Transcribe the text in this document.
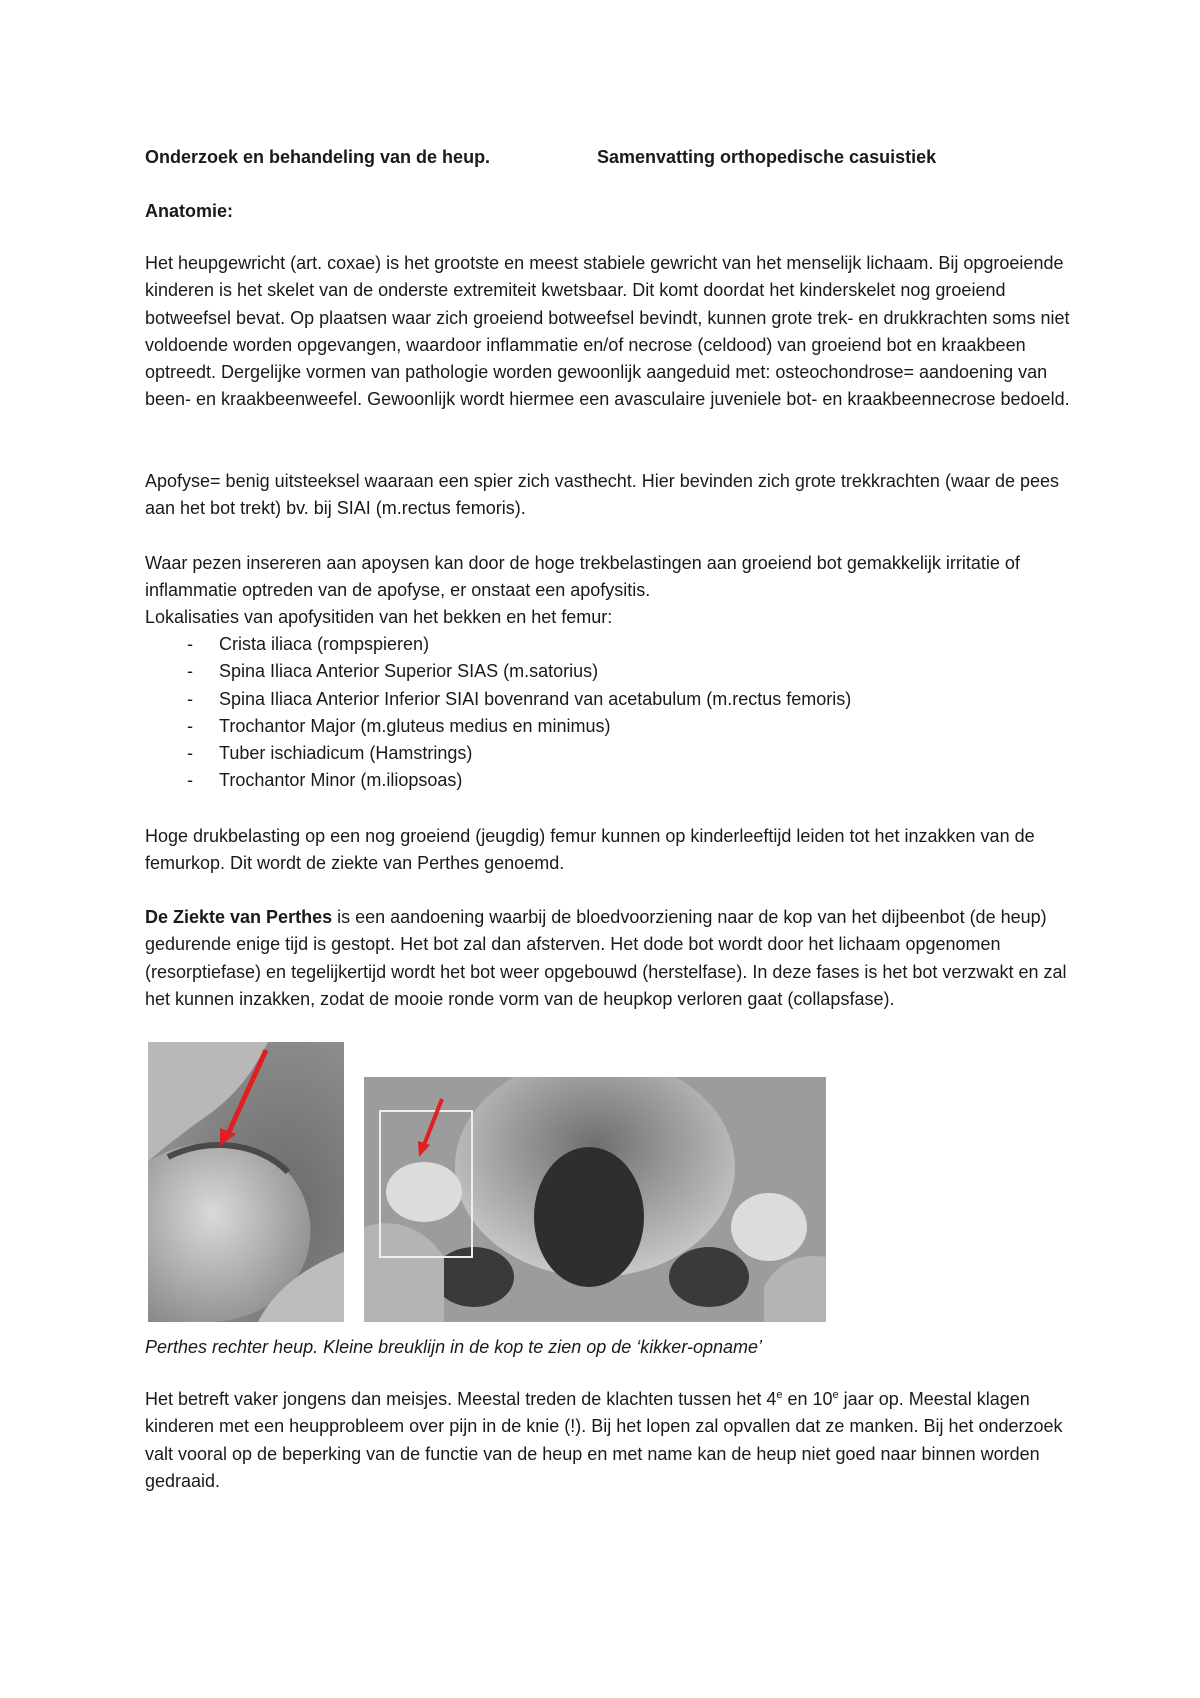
Onderzoek en behandeling van de heup.	Samenvatting orthopedische casuistiek
Anatomie:
Het heupgewricht (art. coxae) is het grootste en meest stabiele gewricht van het menselijk lichaam. Bij opgroeiende kinderen is het skelet van de onderste extremiteit kwetsbaar. Dit komt doordat het kinderskelet nog groeiend botweefsel bevat. Op plaatsen waar zich groeiend botweefsel bevindt, kunnen grote trek- en drukkrachten soms niet voldoende worden opgevangen, waardoor inflammatie en/of necrose (celdood) van groeiend bot en kraakbeen optreedt. Dergelijke vormen van pathologie worden gewoonlijk aangeduid met: osteochondrose= aandoening van been- en kraakbeenweefel. Gewoonlijk wordt hiermee een avasculaire juveniele bot- en kraakbeennecrose bedoeld.
Apofyse= benig uitsteeksel waaraan een spier zich vasthecht. Hier bevinden zich grote trekkrachten (waar de pees aan het bot trekt) bv. bij SIAI (m.rectus femoris).
Waar pezen insereren aan apoysen kan door de hoge trekbelastingen aan groeiend bot gemakkelijk irritatie of inflammatie optreden van de apofyse, er onstaat een apofysitis.
Lokalisaties van apofysitiden van het bekken en het femur:
- Crista iliaca (rompspieren)
- Spina Iliaca Anterior Superior SIAS (m.satorius)
- Spina Iliaca Anterior Inferior SIAI bovenrand van acetabulum (m.rectus femoris)
- Trochantor Major (m.gluteus medius en minimus)
- Tuber ischiadicum (Hamstrings)
- Trochantor Minor (m.iliopsoas)
Hoge drukbelasting op een nog groeiend (jeugdig) femur kunnen op kinderleeftijd leiden tot het inzakken van de femurkop. Dit wordt de ziekte van Perthes genoemd.
De Ziekte van Perthes is een aandoening waarbij de bloedvoorziening naar de kop van het dijbeenbot (de heup) gedurende enige tijd is gestopt. Het bot zal dan afsterven. Het dode bot wordt door het lichaam opgenomen (resorptiefase) en tegelijkertijd wordt het bot weer opgebouwd (herstelfase). In deze fases is het bot verzwakt en zal het kunnen inzakken, zodat de mooie ronde vorm van de heupkop verloren gaat (collapsfase).
Perthes rechter heup. Kleine breuklijn in de kop te zien op de ‘kikker-opname’
Het betreft vaker jongens dan meisjes. Meestal treden de klachten tussen het 4e en 10e jaar op. Meestal klagen kinderen met een heupprobleem over pijn in de knie (!). Bij het lopen zal opvallen dat ze manken. Bij het onderzoek valt vooral op de beperking van de functie van de heup en met name kan de heup niet goed naar binnen worden gedraaid.
